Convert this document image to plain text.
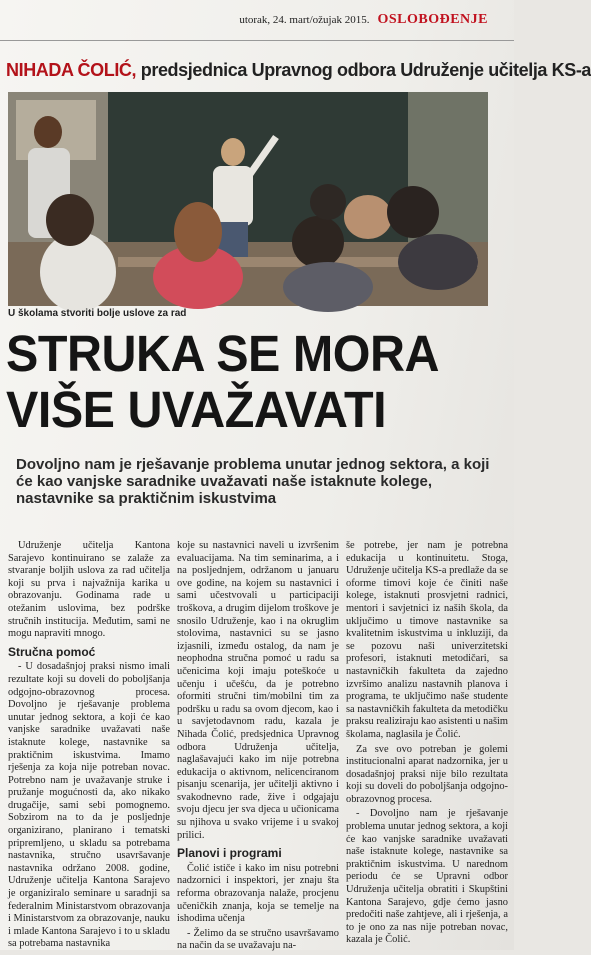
utorak, 24. mart/ožujak 2015. OSLOBOĐENJE
NIHADA ČOLIĆ, predsjednica Upravnog odbora Udruženje učitelja KS-a
U školama stvoriti bolje uslove za rad
STRUKA SE MORA
VIŠE UVAŽAVATI
Dovoljno nam je rješavanje problema unutar jednog sektora, a koji će kao vanjske saradnike uvažavati naše istaknute kolege, nastavnike sa praktičnim iskustvima

Udruženje učitelja Kantona Sarajevo kontinuirano se zalaže za stvaranje boljih uslova za rad učitelja koji su prva i najvažnija karika u obrazovanju. Godinama rade u otežanim uslovima, bez podrške stručnih institucija. Međutim, sami ne mogu napraviti mnogo.

Stručna pomoć

- U dosadašnjoj praksi nismo imali rezultate koji su doveli do poboljšanja odgojno-obrazovnog procesa. Dovoljno je rješavanje problema unutar jednog sektora, a koji će kao vanjske saradnike uvažavati naše istaknute kolege, nastavnike sa praktičnim iskustvima. Imamo rješenja za koja nije potreban novac. Potrebno nam je uvažavanje struke i pružanje mogućnosti da, ako nikako drugačije, sami sebi pomognemo. Sobzirom na to da je posljednje organizirano, planirano i tematski pripremljeno, u skladu sa potrebama nastavnika, stručno usavršavanje nastavnika održano 2008. godine, Udruženje učitelja Kantona Sarajevo je organiziralo seminare u saradnji sa federalnim Ministarstvom obrazovanja i Ministarstvom za obrazovanje, nauku i mlade Kantona Sarajevo i to u skladu sa potrebama nastavnika

koje su nastavnici naveli u izvršenim evaluacijama. Na tim seminarima, a i na posljednjem, održanom u januaru ove godine, na kojem su nastavnici i sami učestvovali u participaciji troškova, a drugim dijelom troškove je snosilo Udruženje, kao i na okruglim stolovima, nastavnici su se jasno izjasnili, između ostalog, da nam je neophodna stručna pomoć u radu sa učenicima koji imaju poteškoće u učenju i učešću, da je potrebno oformiti stručni tim/mobilni tim za podršku u radu sa ovom djecom, kao i u savjetodavnom radu, kazala je Nihada Čolić, predsjednica Upravnog odbora Udruženja učitelja, naglašavajući kako im nije potrebna edukacija o aktivnom, nelicenciranom pisanju scenarija, jer učitelji aktivno i svakodnevno rade, žive i odgajaju svoju djecu jer sva djeca u učionicama su njihova u svako vrijeme i u svakoj prilici.

Planovi i programi

Čolić ističe i kako im nisu potrebni nadzornici i inspektori, jer znaju šta reforma obrazovanja nalaže, procjenu učeničkih znanja, koja se temelje na ishodima učenja

- Želimo da se stručno usavršavamo na način da se uvažavaju na-

še potrebe, jer nam je potrebna edukacija u kontinuitetu. Stoga, Udruženje učitelja KS-a predlaže da se oforme timovi koje će činiti naše kolege, istaknuti prosvjetni radnici, mentori i savjetnici iz naših škola, da uključimo u timove nastavnike sa kvalitetnim iskustvima u inkluziji, da se pozovu naši univerzitetski profesori, istaknuti metodičari, sa nastavničkih fakulteta da zajedno izvršimo analizu nastavnih planova i programa, te uključimo naše studente sa nastavničkih fakulteta da metodičku praksu realiziraju kao asistenti u našim školama, naglasila je Čolić.

Za sve ovo potreban je golemi institucionalni aparat nadzornika, jer u dosadašnjoj praksi nije bilo rezultata koji su doveli do poboljšanja odgojno-obrazovnog procesa.

- Dovoljno nam je rješavanje problema unutar jednog sektora, a koji će kao vanjske saradnike uvažavati naše istaknute kolege, nastavnike sa praktičnim iskustvima. U narednom periodu će se Upravni odbor Udruženja učitelja obratiti i Skupštini Kantona Sarajevo, gdje ćemo jasno predočiti naše zahtjeve, ali i rješenja, a to je ono za nas nije potreban novac, kazala je Čolić.
